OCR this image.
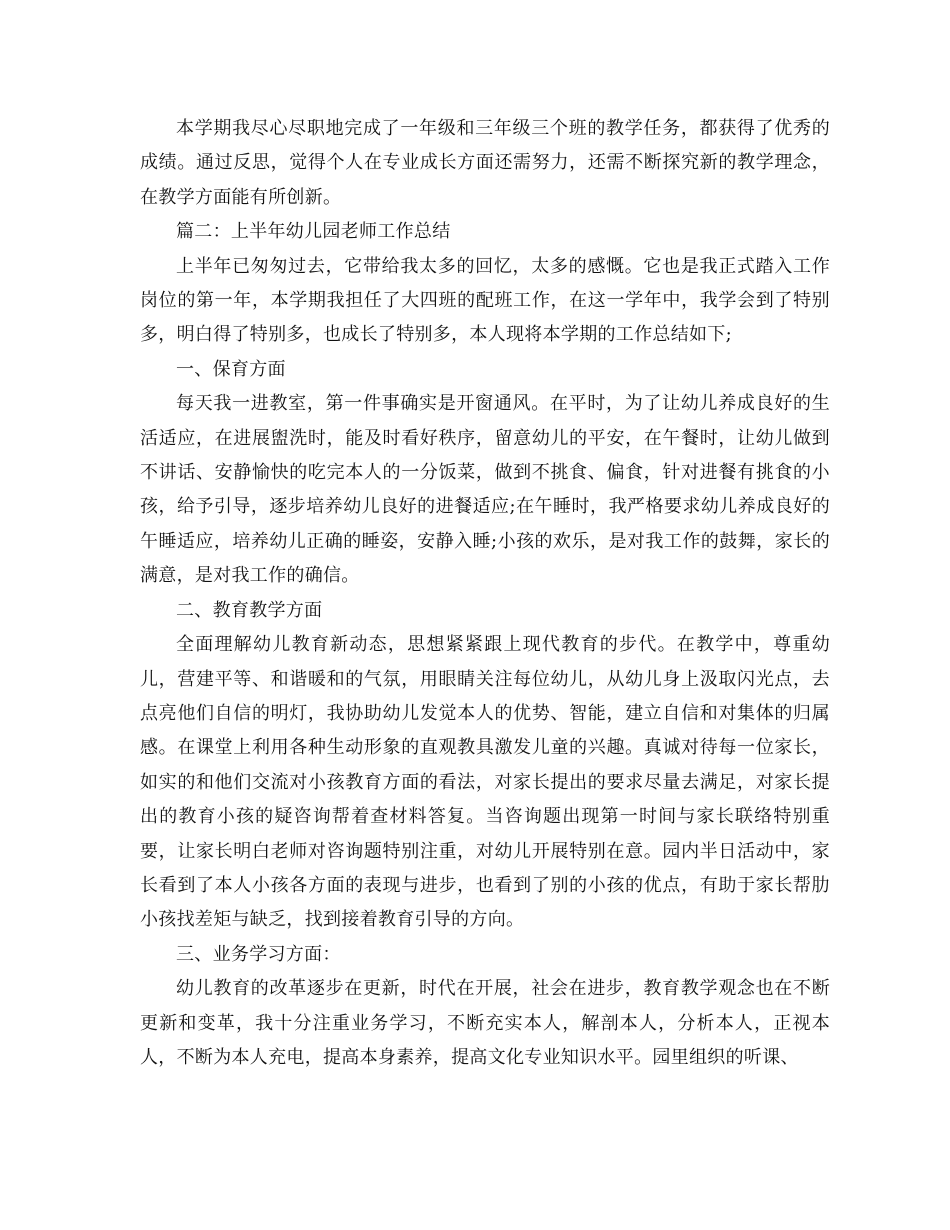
本学期我尽心尽职地完成了一年级和三年级三个班的教学任务，都获得了优秀的成绩。通过反思，觉得个人在专业成长方面还需努力，还需不断探究新的教学理念，在教学方面能有所创新。

篇二：上半年幼儿园老师工作总结

上半年已匆匆过去，它带给我太多的回忆，太多的感慨。它也是我正式踏入工作岗位的第一年，本学期我担任了大四班的配班工作，在这一学年中，我学会到了特别多，明白得了特别多，也成长了特别多，本人现将本学期的工作总结如下;

一、保育方面

每天我一进教室，第一件事确实是开窗通风。在平时，为了让幼儿养成良好的生活适应，在进展盥洗时，能及时看好秩序，留意幼儿的平安，在午餐时，让幼儿做到不讲话、安静愉快的吃完本人的一分饭菜，做到不挑食、偏食，针对进餐有挑食的小孩，给予引导，逐步培养幼儿良好的进餐适应;在午睡时，我严格要求幼儿养成良好的午睡适应，培养幼儿正确的睡姿，安静入睡;小孩的欢乐，是对我工作的鼓舞，家长的满意，是对我工作的确信。

二、教育教学方面

全面理解幼儿教育新动态，思想紧紧跟上现代教育的步代。在教学中，尊重幼儿，营建平等、和谐暖和的气氛，用眼睛关注每位幼儿，从幼儿身上汲取闪光点，去点亮他们自信的明灯，我协助幼儿发觉本人的优势、智能，建立自信和对集体的归属感。在课堂上利用各种生动形象的直观教具激发儿童的兴趣。真诚对待每一位家长，如实的和他们交流对小孩教育方面的看法，对家长提出的要求尽量去满足，对家长提出的教育小孩的疑咨询帮着查材料答复。当咨询题出现第一时间与家长联络特别重要，让家长明白老师对咨询题特别注重，对幼儿开展特别在意。园内半日活动中，家长看到了本人小孩各方面的表现与进步，也看到了别的小孩的优点，有助于家长帮肋小孩找差矩与缺乏，找到接着教育引导的方向。

三、业务学习方面：

幼儿教育的改革逐步在更新，时代在开展，社会在进步，教育教学观念也在不断更新和变革，我十分注重业务学习，不断充实本人，解剖本人，分析本人，正视本人，不断为本人充电，提高本身素养，提高文化专业知识水平。园里组织的听课、
